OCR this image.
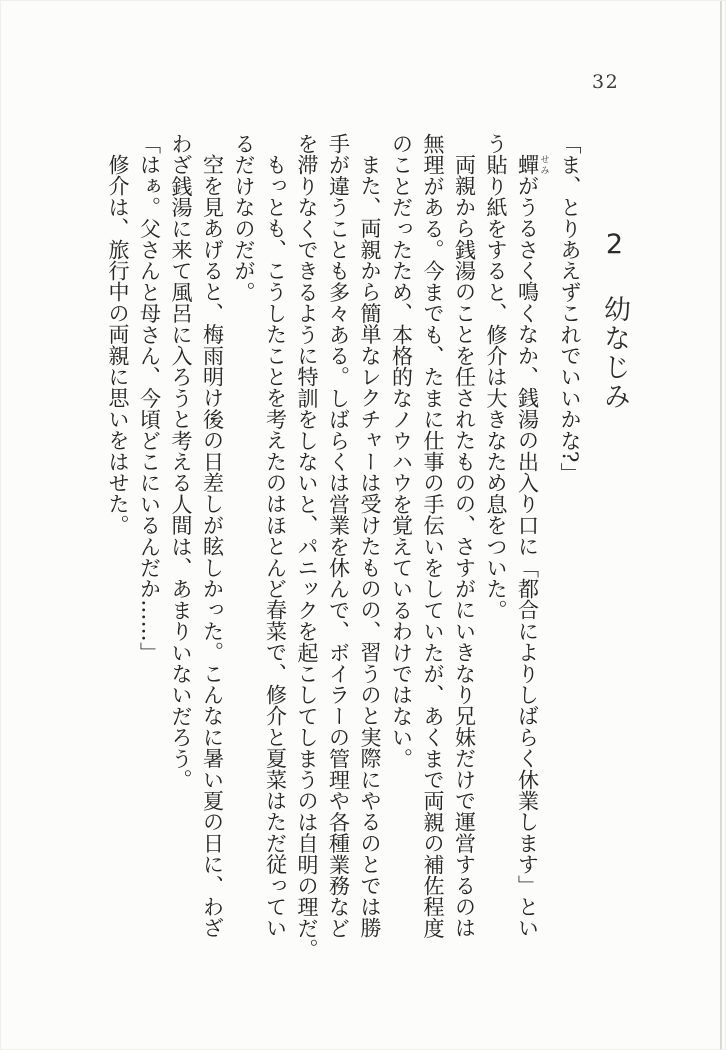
32
2 幼なじみ
「ま、とりあえずこれでいいかな?」
蟬 せみがうるさく鳴くなか、銭湯の出入り口に「都合によりしばらく休業します」とい
う貼り紙をすると、修介は大きなため息をついた。
両親から銭湯のことを任されたものの、さすがにいきなり兄妹だけで運営するのは
無理がある。今までも、たまに仕事の手伝いをしていたが、あくまで両親の補佐程度
のことだったため、本格的なノウハウを覚えているわけではない。
また、両親から簡単なレクチャーは受けたものの、習うのと実際にやるのとでは勝
手が違うことも多々ある。しばらくは営業を休んで、ボイラーの管理や各種業務など
を滞りなくできるように特訓をしないと、パニックを起こしてしまうのは自明の理だ。
もっとも、こうしたことを考えたのはほとんど春菜で、修介と夏菜はただ従ってい
るだけなのだが。
空を見あげると、梅雨明け後の日差しが眩しかった。こんなに暑い夏の日に、わざ
わざ銭湯に来て風呂に入ろうと考える人間は、あまりいないだろう。
「はぁ。父さんと母さん、今頃どこにいるんだか……」
修介は、旅行中の両親に思いをはせた。
